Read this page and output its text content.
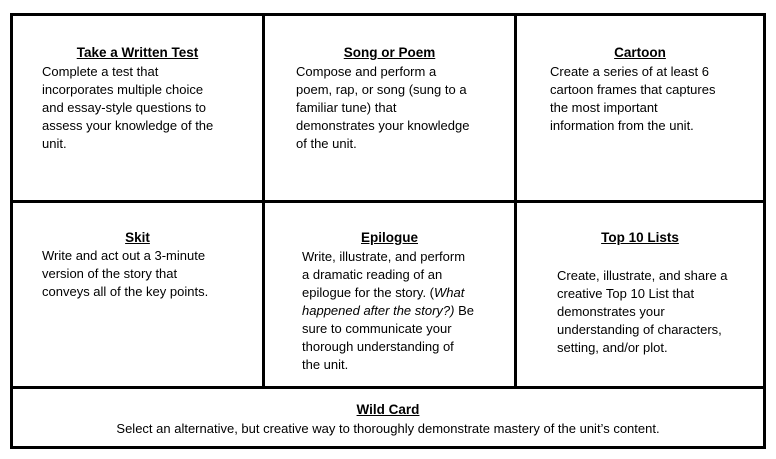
Take a Written Test
Complete a test that
incorporates multiple choice
and essay-style questions to
assess your knowledge of the
unit.
Song or Poem
Compose and perform a
poem, rap, or song (sung to a
familiar tune) that
demonstrates your knowledge
of the unit.
Cartoon
Create a series of at least 6
cartoon frames that captures
the most important
information from the unit.
Skit
Write and act out a 3-minute
version of the story that
conveys all of the key points.
Epilogue
Write, illustrate, and perform
a dramatic reading of an
epilogue for the story. (What
happened after the story?) Be
sure to communicate your
thorough understanding of
the unit.
Top 10 Lists
Create, illustrate, and share a
creative Top 10 List that
demonstrates your
understanding of characters,
setting, and/or plot.
Wild Card
Select an alternative, but creative way to thoroughly demonstrate mastery of the unit’s content.
